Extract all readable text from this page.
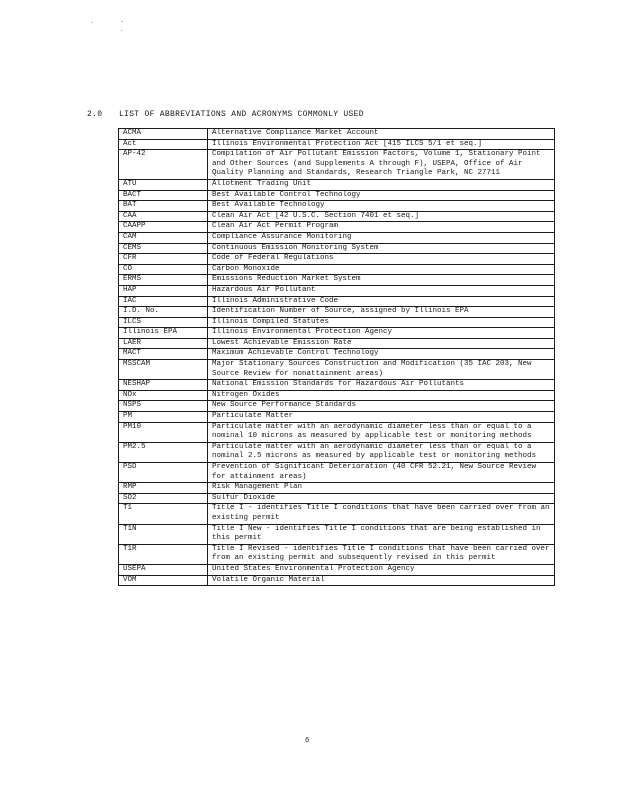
.	-
.
2.0 LIST OF ABBREVIATIONS AND ACRONYMS COMMONLY USED
ACMA	Alternative Compliance Market Account
Act	Illinois Environmental Protection Act [415 ILCS 5/1 et seq.]
AP-42	Compilation of Air Pollutant Emission Factors, Volume 1, Stationary Point and Other Sources (and Supplements A through F), USEPA, Office of Air Quality Planning and Standards, Research Triangle Park, NC 27711
ATU	Allotment Trading Unit
BACT	Best Available Control Technology
BAT	Best Available Technology
CAA	Clean Air Act [42 U.S.C. Section 7401 et seq.]
CAAPP	Clean Air Act Permit Program
CAM	Compliance Assurance Monitoring
CEMS	Continuous Emission Monitoring System
CFR	Code of Federal Regulations
CO	Carbon Monoxide
ERMS	Emissions Reduction Market System
HAP	Hazardous Air Pollutant
IAC	Illinois Administrative Code
I.D. No.	Identification Number of Source, assigned by Illinois EPA
ILCS	Illinois Compiled Statutes
Illinois EPA	Illinois Environmental Protection Agency
LAER	Lowest Achievable Emission Rate
MACT	Maximum Achievable Control Technology
MSSCAM	Major Stationary Sources Construction and Modification (35 IAC 203, New Source Review for nonattainment areas)
NESHAP	National Emission Standards for Hazardous Air Pollutants
NOx	Nitrogen Oxides
NSPS	New Source Performance Standards
PM	Particulate Matter
PM10	Particulate matter with an aerodynamic diameter less than or equal to a nominal 10 microns as measured by applicable test or monitoring methods
PM2.5	Particulate matter with an aerodynamic diameter less than or equal to a nominal 2.5 microns as measured by applicable test or monitoring methods
PSD	Prevention of Significant Deterioration (40 CFR 52.21, New Source Review for attainment areas)
RMP	Risk Management Plan
SO2	Sulfur Dioxide
T1	Title I - identifies Title I conditions that have been carried over from an existing permit
T1N	Title I New - identifies Title I conditions that are being established in this permit
T1R	Title I Revised - identifies Title I conditions that have been carried over from an existing permit and subsequently revised in this permit
USEPA	United States Environmental Protection Agency
VOM	Volatile Organic Material
6
